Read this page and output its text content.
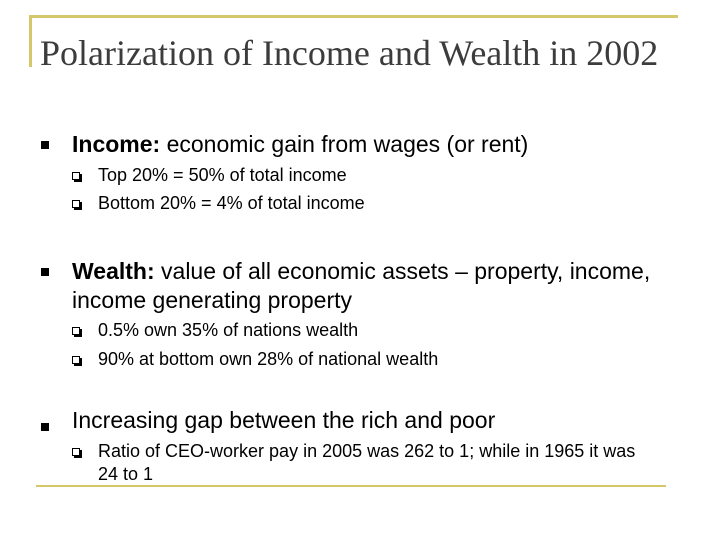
Polarization of Income and Wealth in 2002
Income: economic gain from wages (or rent)
Top 20% = 50% of total income
Bottom 20% = 4% of total income
Wealth: value of all economic assets – property, income, income generating property
0.5% own 35% of nations wealth
90% at bottom own 28% of national wealth
Increasing gap between the rich and poor
Ratio of CEO-worker pay in 2005 was 262 to 1; while in 1965 it was 24 to 1
